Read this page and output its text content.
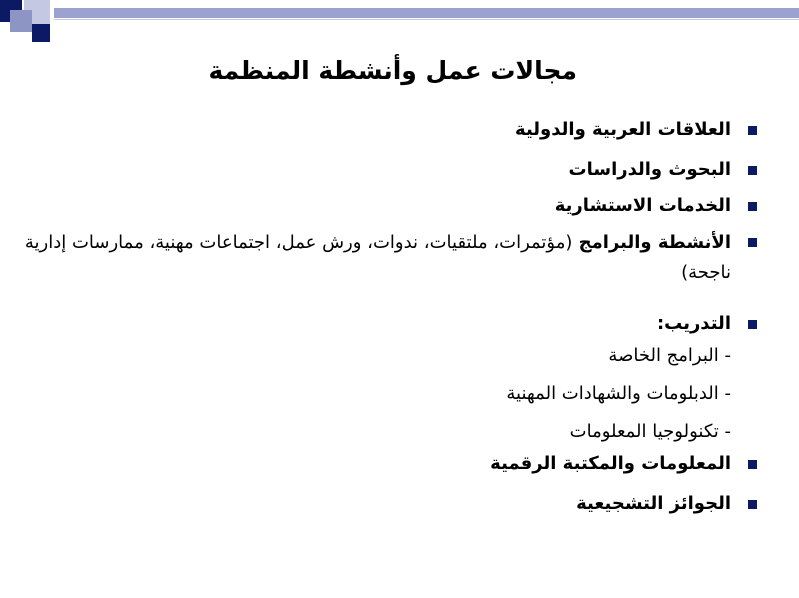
مجالات عمل وأنشطة المنظمة
العلاقات العربية والدولية
البحوث والدراسات
الخدمات الاستشارية
الأنشطة والبرامج (مؤتمرات، ملتقيات، ندوات، ورش عمل، اجتماعات مهنية، ممارسات إدارية ناجحة)
التدريب:
- البرامج الخاصة
- الدبلومات والشهادات المهنية
- تكنولوجيا المعلومات
المعلومات والمكتبة الرقمية
الجوائز التشجيعية
